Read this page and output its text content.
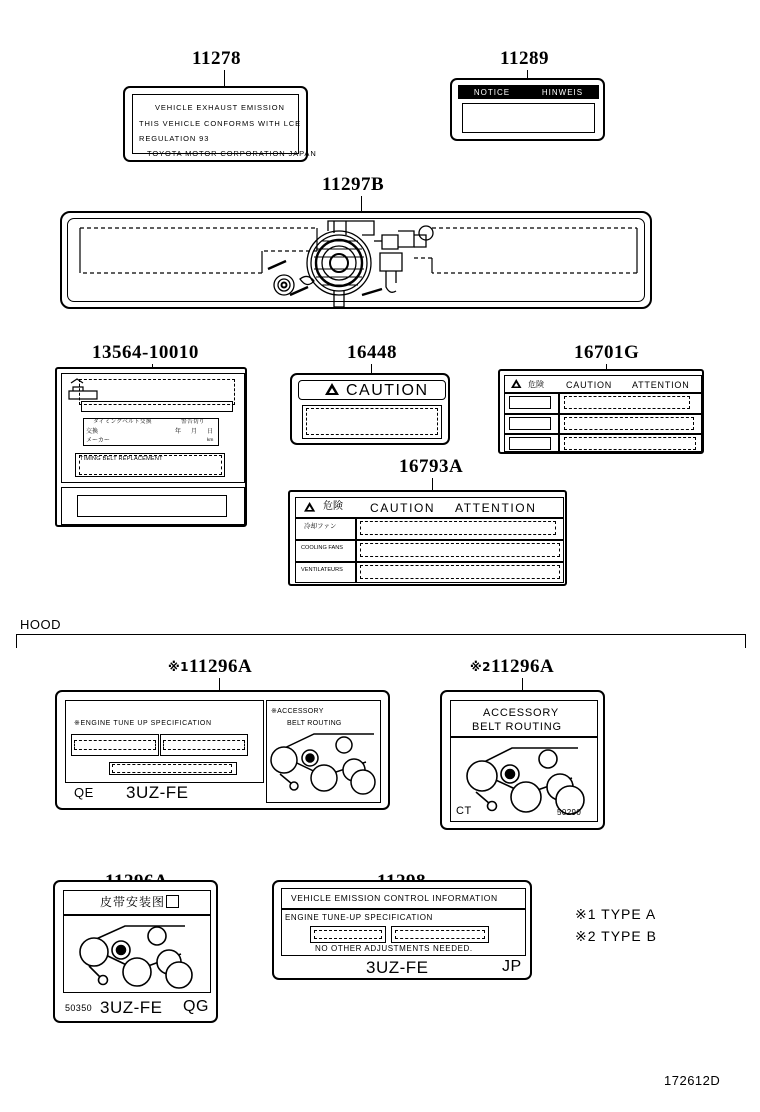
11278
VEHICLE EXHAUST EMISSION
THIS VEHICLE CONFORMS WITH LCE
REGULATION 93
TOYOTA MOTOR CORPORATION JAPAN
11289
NOTICE	HINWEIS
11297B
13564-10010
タイミングベルト交換　　　　　警告切り
交換
メーカー
年 月 日
km
TIMING BELT REPLACEMENT
16448
CAUTION
16701G
危険 CAUTION ATTENTION
16793A
危険 CAUTION ATTENTION
冷却ファン
COOLING FANS
VENTILATEURS
HOOD
※111296A
※ENGINE TUNE UP SPECIFICATION
QE 3UZ-FE
※ACCESSORY
BELT ROUTING
※211296A
ACCESSORY
BELT ROUTING
CT	50290
皮带安装图
50350 3UZ-FE QG
VEHICLE EMISSION CONTROL INFORMATION
ENGINE TUNE-UP SPECIFICATION
NO OTHER ADJUSTMENTS NEEDED.
3UZ-FE	JP
※1 TYPE A
※2 TYPE B
172612D
